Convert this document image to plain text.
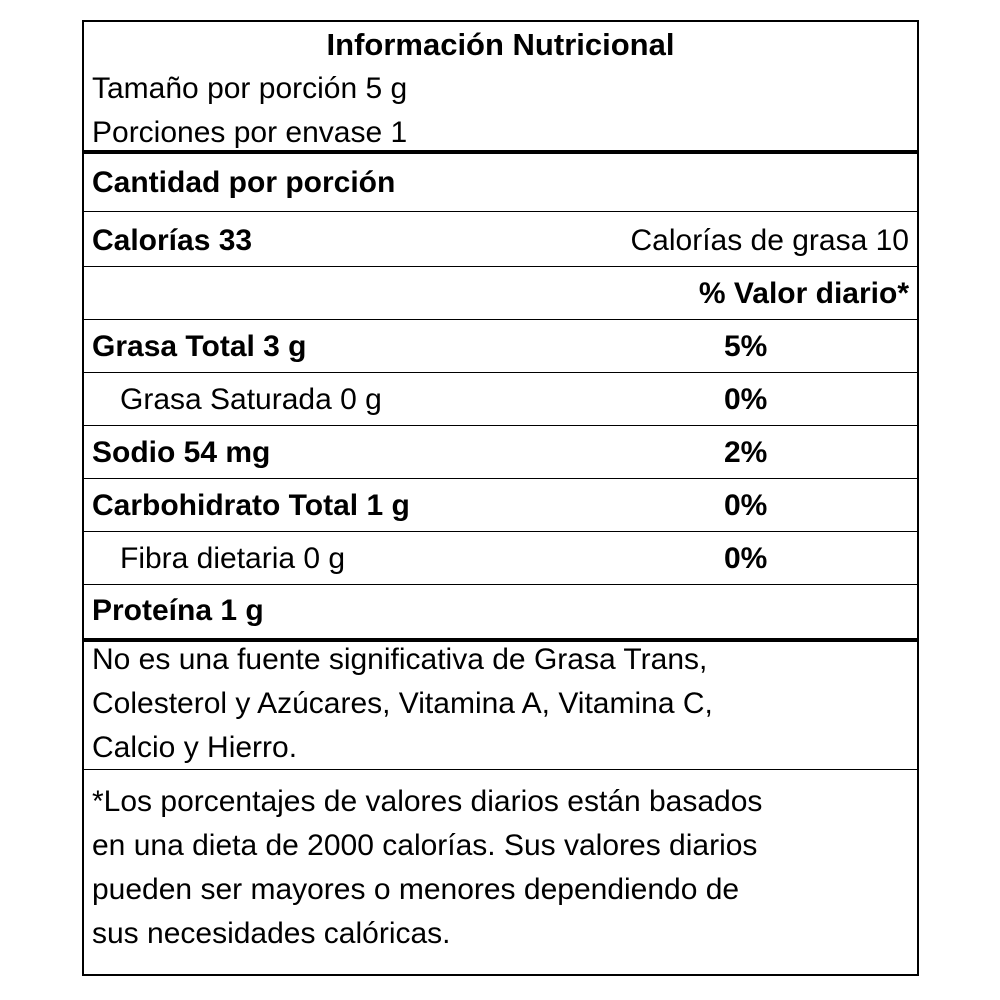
Información Nutricional
Tamaño por porción 5 g
Porciones por envase 1
Cantidad por porción
Calorías 33	Calorías de grasa 10
% Valor diario*
Grasa Total 3 g	5%
Grasa Saturada 0 g	0%
Sodio 54 mg	2%
Carbohidrato Total 1 g	0%
Fibra dietaria 0 g	0%
Proteína 1 g
No es una fuente significativa de Grasa Trans,
Colesterol y Azúcares, Vitamina A, Vitamina C,
Calcio y Hierro.
*Los porcentajes de valores diarios están basados
en una dieta de 2000 calorías. Sus valores diarios
pueden ser mayores o menores dependiendo de
sus necesidades calóricas.
